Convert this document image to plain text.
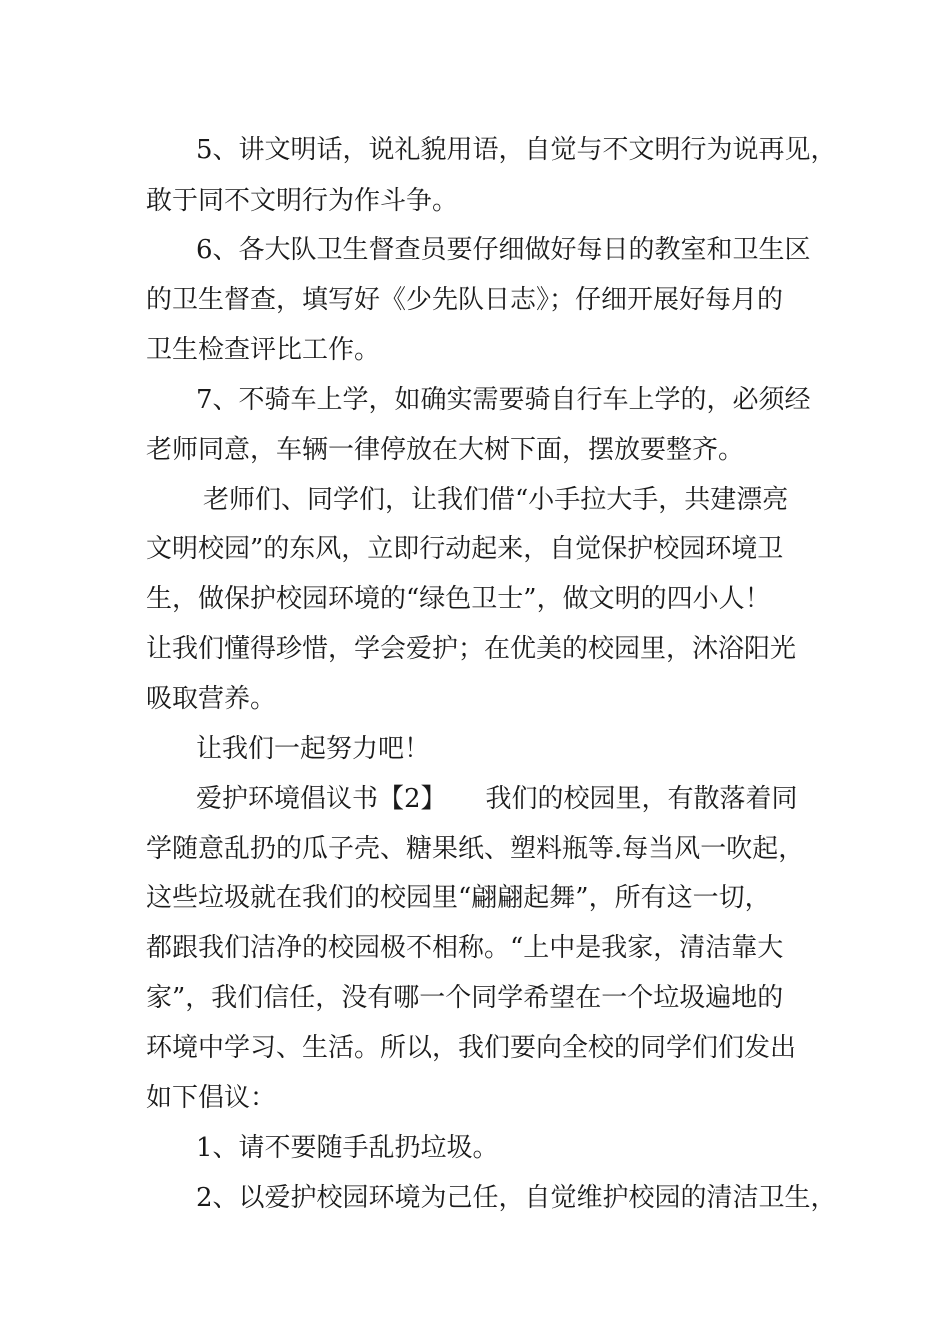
5、讲文明话，说礼貌用语，自觉与不文明行为说再见，
敢于同不文明行为作斗争。
6、各大队卫生督查员要仔细做好每日的教室和卫生区
的卫生督查，填写好《少先队日志》；仔细开展好每月的
卫生检查评比工作。
7、不骑车上学，如确实需要骑自行车上学的，必须经
老师同意，车辆一律停放在大树下面，摆放要整齐。
老师们、同学们，让我们借“小手拉大手，共建漂亮
文明校园”的东风，立即行动起来，自觉保护校园环境卫
生，做保护校园环境的“绿色卫士”，做文明的四小人！
让我们懂得珍惜，学会爱护；在优美的校园里，沐浴阳光
吸取营养。
让我们一起努力吧！
爱护环境倡议书【2】　　我们的校园里，有散落着同
学随意乱扔的瓜子壳、糖果纸、塑料瓶等.每当风一吹起，
这些垃圾就在我们的校园里“翩翩起舞”，所有这一切，
都跟我们洁净的校园极不相称。“上中是我家，清洁靠大
家”，我们信任，没有哪一个同学希望在一个垃圾遍地的
环境中学习、生活。所以，我们要向全校的同学们们发出
如下倡议：
1、请不要随手乱扔垃圾。
2、以爱护校园环境为己任，自觉维护校园的清洁卫生，
